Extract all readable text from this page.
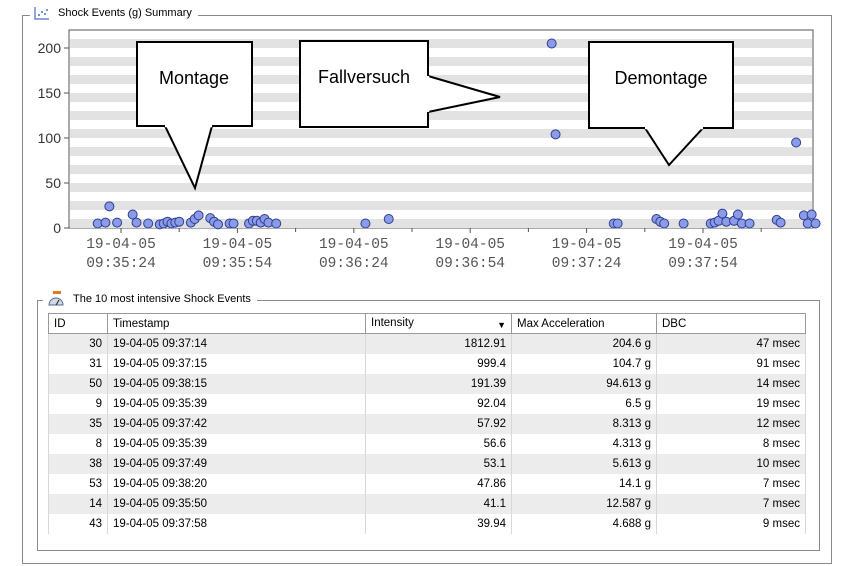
Shock Events (g) Summary
0
50
100
150
200
19-04-05
09:35:24
19-04-05
09:35:54
19-04-05
09:36:24
19-04-05
09:36:54
19-04-05
09:37:24
19-04-05
09:37:54
Montage	Fallversuch	Demontage
The 10 most intensive Shock Events
ID	Timestamp	Intensity ▼	Max Acceleration	DBC
30	19-04-05 09:37:14	1812.91	204.6 g	47 msec
31	19-04-05 09:37:15	999.4	104.7 g	91 msec
50	19-04-05 09:38:15	191.39	94.613 g	14 msec
9	19-04-05 09:35:39	92.04	6.5 g	19 msec
35	19-04-05 09:37:42	57.92	8.313 g	12 msec
8	19-04-05 09:35:39	56.6	4.313 g	8 msec
38	19-04-05 09:37:49	53.1	5.613 g	10 msec
53	19-04-05 09:38:20	47.86	14.1 g	7 msec
14	19-04-05 09:35:50	41.1	12.587 g	7 msec
43	19-04-05 09:37:58	39.94	4.688 g	9 msec
